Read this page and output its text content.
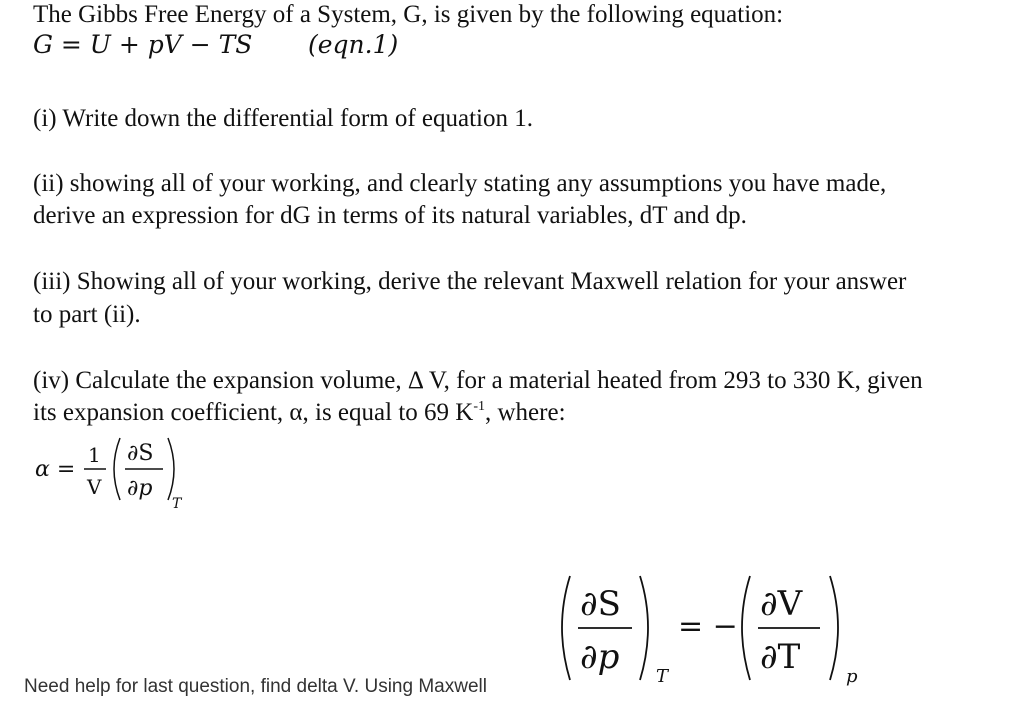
The Gibbs Free Energy of a System, G, is given by the following equation:
G = U + pV − TS (eqn.1)
(i) Write down the differential form of equation 1.
(ii) showing all of your working, and clearly stating any assumptions you have made,
derive an expression for dG in terms of its natural variables, dT and dp.
(iii) Showing all of your working, derive the relevant Maxwell relation for your answer
to part (ii).
(iv) Calculate the expansion volume, Δ V, for a material heated from 293 to 330 K, given
its expansion coefficient, α, is equal to 69 $K^{-1}$, where:
α =
1
V
∂S
∂p
T
∂S
∂p T
= −
∂V
∂T	p
Need help for last question, find delta V. Using Maxwell
